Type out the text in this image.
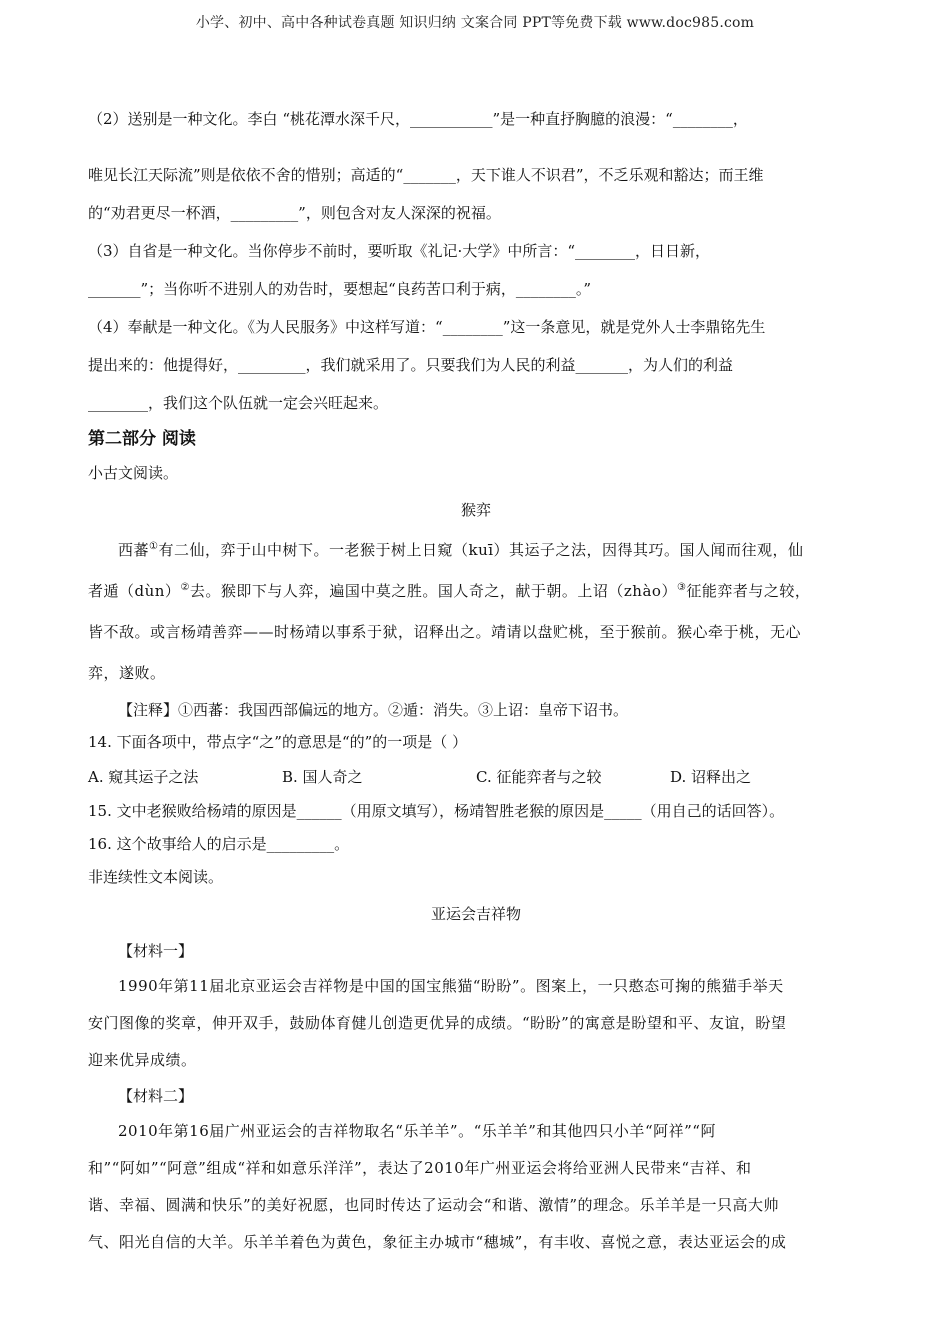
小学、初中、高中各种试卷真题 知识归纳 文案合同 PPT等免费下载 www.doc985.com

（2）送别是一种文化。李白 “桃花潭水深千尺，___________”是一种直抒胸臆的浪漫：“________，

唯见长江天际流”则是依依不舍的惜别；高适的“_______，天下谁人不识君”，不乏乐观和豁达；而王维

的“劝君更尽一杯酒，_________”，则包含对友人深深的祝福。

（3）自省是一种文化。当你停步不前时，要听取《礼记·大学》中所言：“________，日日新，

_______”；当你听不进别人的劝告时，要想起“良药苦口利于病，________。”

（4）奉献是一种文化。《为人民服务》中这样写道：“________”这一条意见，就是党外人士李鼎铭先生

提出来的：他提得好，_________，我们就采用了。只要我们为人民的利益_______，为人们的利益

________，我们这个队伍就一定会兴旺起来。

第二部分 阅读

小古文阅读。

猴弈

西蕃①有二仙，弈于山中树下。一老猴于树上日窥（kuī）其运子之法，因得其巧。国人闻而往观，仙

者遁（dùn）②去。猴即下与人弈，遍国中莫之胜。国人奇之，献于朝。上诏（zhào）③征能弈者与之较，

皆不敌。或言杨靖善弈——时杨靖以事系于狱，诏释出之。靖请以盘贮桃，至于猴前。猴心牵于桃，无心

弈，遂败。

【注释】①西蕃：我国西部偏远的地方。②遁：消失。③上诏：皇帝下诏书。

14. 下面各项中，带点字“之”的意思是“的”的一项是（ ）

A. 窥其运子之法	B. 国人奇之	C. 征能弈者与之较	D. 诏释出之

15. 文中老猴败给杨靖的原因是______（用原文填写），杨靖智胜老猴的原因是_____（用自己的话回答）。

16. 这个故事给人的启示是_________。

非连续性文本阅读。

亚运会吉祥物

【材料一】

1990年第11届北京亚运会吉祥物是中国的国宝熊猫“盼盼”。图案上，一只憨态可掬的熊猫手举天

安门图像的奖章，伸开双手，鼓励体育健儿创造更优异的成绩。“盼盼”的寓意是盼望和平、友谊，盼望

迎来优异成绩。

【材料二】

2010年第16届广州亚运会的吉祥物取名“乐羊羊”。“乐羊羊”和其他四只小羊“阿祥”“阿

和”“阿如”“阿意”组成“祥和如意乐洋洋”，表达了2010年广州亚运会将给亚洲人民带来“吉祥、和

谐、幸福、圆满和快乐”的美好祝愿，也同时传达了运动会“和谐、激情”的理念。乐羊羊是一只高大帅

气、阳光自信的大羊。乐羊羊着色为黄色，象征主办城市“穗城”，有丰收、喜悦之意，表达亚运会的成
